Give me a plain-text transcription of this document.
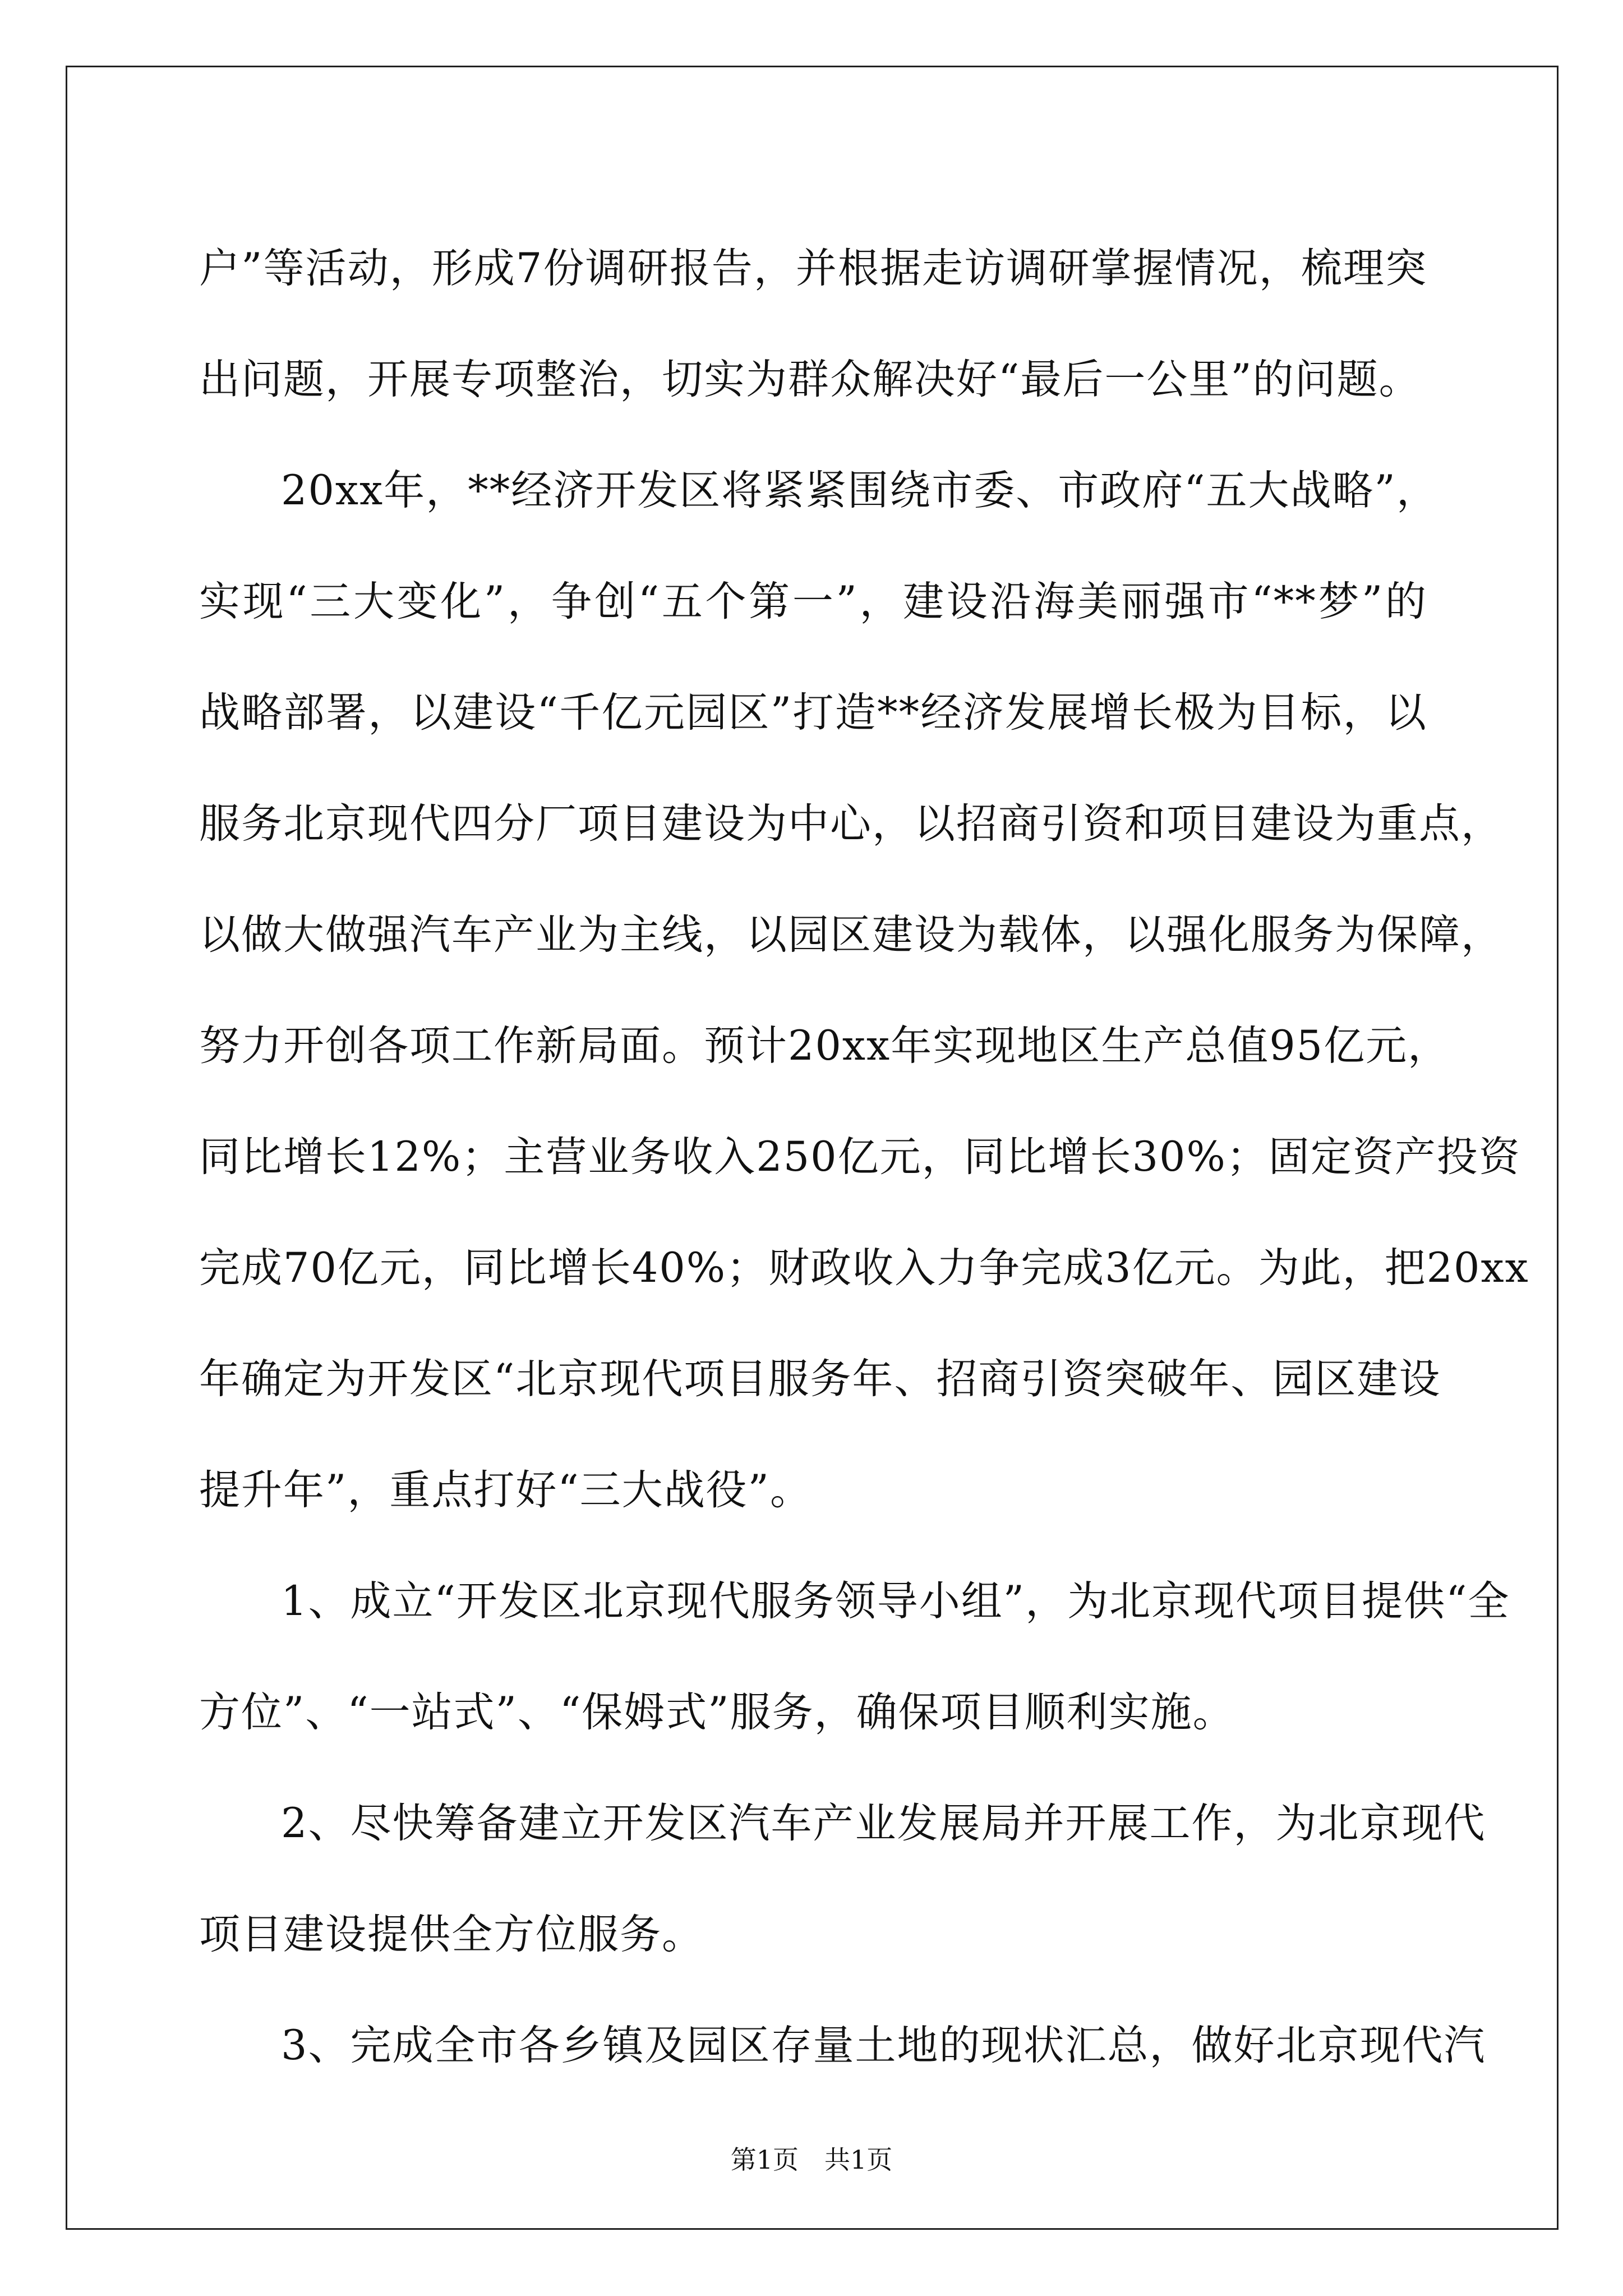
户”等活动，形成7份调研报告，并根据走访调研掌握情况，梳理突
出问题，开展专项整治，切实为群众解决好“最后一公里”的问题。
20xx年，**经济开发区将紧紧围绕市委、市政府“五大战略”，
实现“三大变化”，争创“五个第一”，建设沿海美丽强市“**梦”的
战略部署，以建设“千亿元园区”打造**经济发展增长极为目标，以
服务北京现代四分厂项目建设为中心，以招商引资和项目建设为重点，
以做大做强汽车产业为主线，以园区建设为载体，以强化服务为保障，
努力开创各项工作新局面。预计20xx年实现地区生产总值95亿元，
同比增长12%；主营业务收入250亿元，同比增长30%；固定资产投资
完成70亿元，同比增长40%；财政收入力争完成3亿元。为此，把20xx
年确定为开发区“北京现代项目服务年、招商引资突破年、园区建设
提升年”，重点打好“三大战役”。
1、成立“开发区北京现代服务领导小组”，为北京现代项目提供“全
方位”、“一站式”、“保姆式”服务，确保项目顺利实施。
2、尽快筹备建立开发区汽车产业发展局并开展工作，为北京现代
项目建设提供全方位服务。
3、完成全市各乡镇及园区存量土地的现状汇总，做好北京现代汽
第1页 共1页
